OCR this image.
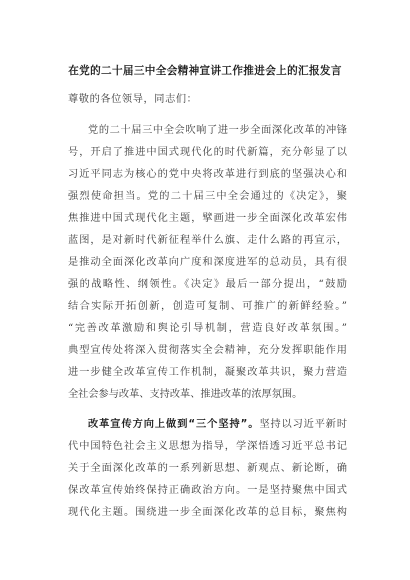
在党的二十届三中全会精神宣讲工作推进会上的汇报发言

尊敬的各位领导，同志们：

党的二十届三中全会吹响了进一步全面深化改革的冲锋

号，开启了推进中国式现代化的时代新篇，充分彰显了以

习近平同志为核心的党中央将改革进行到底的坚强决心和

强烈使命担当。党的二十届三中全会通过的《决定》，聚

焦推进中国式现代化主题，擘画进一步全面深化改革宏伟

蓝图，是对新时代新征程举什么旗、走什么路的再宣示，

是推动全面深化改革向广度和深度进军的总动员，具有很

强的战略性、纲领性。《决定》最后一部分提出，“鼓励

结合实际开拓创新，创造可复制、可推广的新鲜经验。”

“完善改革激励和舆论引导机制，营造良好改革氛围。”

典型宣传处将深入贯彻落实全会精神，充分发挥职能作用

进一步健全改革宣传工作机制，凝聚改革共识，聚力营造

全社会参与改革、支持改革、推进改革的浓厚氛围。

改革宣传方向上做到“三个坚持”。坚持以习近平新时

代中国特色社会主义思想为指导，学深悟透习近平总书记

关于全面深化改革的一系列新思想、新观点、新论断，确

保改革宣传始终保持正确政治方向。一是坚持聚焦中国式

现代化主题。围绕进一步全面深化改革的总目标，聚焦构
